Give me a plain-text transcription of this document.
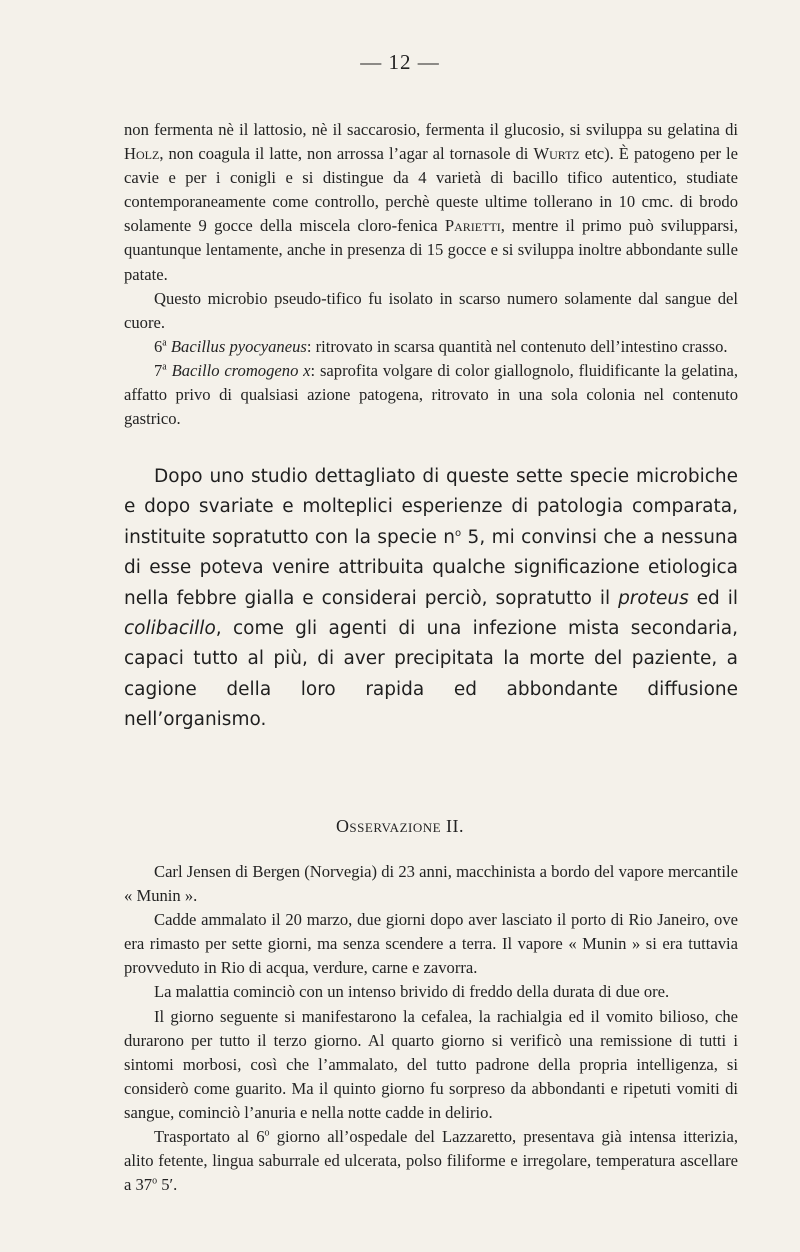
— 12 —

non fermenta nè il lattosio, nè il saccarosio, fermenta il glucosio, si sviluppa su gelatina di Holz, non coagula il latte, non arrossa l’agar al tornasole di Wurtz etc). È patogeno per le cavie e per i conigli e si distingue da 4 varietà di bacillo tifico autentico, studiate contemporaneamente come controllo, perchè queste ultime tollerano in 10 cmc. di brodo solamente 9 gocce della miscela cloro-fenica Parietti, mentre il primo può svilupparsi, quantunque lentamente, anche in presenza di 15 gocce e si sviluppa inoltre abbondante sulle patate.

Questo microbio pseudo-tifico fu isolato in scarso numero solamente dal sangue del cuore.

6$^a$ Bacillus pyocyaneus: ritrovato in scarsa quantità nel contenuto dell’intestino crasso.

7$^a$ Bacillo cromogeno x: saprofita volgare di color giallognolo, fluidificante la gelatina, affatto privo di qualsiasi azione patogena, ritrovato in una sola colonia nel contenuto gastrico.

Dopo uno studio dettagliato di queste sette specie microbiche e dopo svariate e molteplici esperienze di patologia comparata, instituite sopratutto con la specie $n^o$ 5, mi convinsi che a nessuna di esse poteva venire attribuita qualche significazione etiologica nella febbre gialla e considerai perciò, sopratutto il proteus ed il colibacillo, come gli agenti di una infezione mista secondaria, capaci tutto al più, di aver precipitata la morte del paziente, a cagione della loro rapida ed abbondante diffusione nell’organismo.

Osservazione II.

Carl Jensen di Bergen (Norvegia) di 23 anni, macchinista a bordo del vapore mercantile « Munin ».

Cadde ammalato il 20 marzo, due giorni dopo aver lasciato il porto di Rio Janeiro, ove era rimasto per sette giorni, ma senza scendere a terra. Il vapore « Munin » si era tuttavia provveduto in Rio di acqua, verdure, carne e zavorra.

La malattia cominciò con un intenso brivido di freddo della durata di due ore.

Il giorno seguente si manifestarono la cefalea, la rachialgia ed il vomito bilioso, che durarono per tutto il terzo giorno. Al quarto giorno si verificò una remissione di tutti i sintomi morbosi, così che l’ammalato, del tutto padrone della propria intelligenza, si considerò come guarito. Ma il quinto giorno fu sorpreso da abbondanti e ripetuti vomiti di sangue, cominciò l’anuria e nella notte cadde in delirio.

Trasportato al 6$^o$ giorno all’ospedale del Lazzaretto, presentava già intensa itterizia, alito fetente, lingua saburrale ed ulcerata, polso filiforme e irregolare, temperatura ascellare a 37$^o$ 5′.
